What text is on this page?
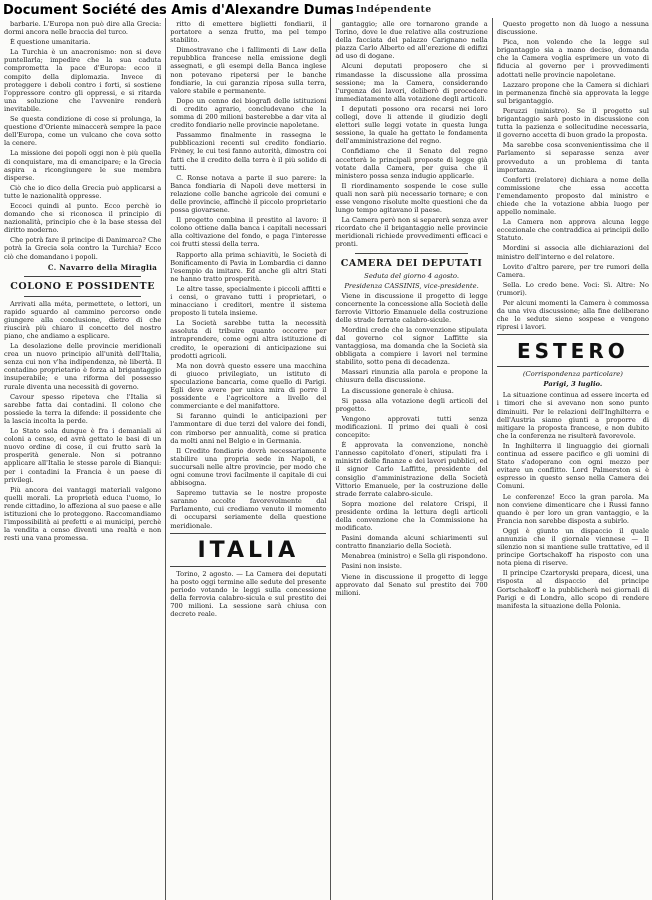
Document Société des Amis d'Alexandre Dumas Indépendente

barbarie. L'Europa non può dire alla Grecia: dormi ancora nelle braccia del turco.

È questione umanitaria.

La Turchia è un anacronismo: non si deve puntellarla; impedire che la sua caduta comprometta la pace d'Europa: ecco il compito della diplomazia. Invece di proteggere i deboli contro i forti, si sostiene l'oppressore contro gli oppressi, e si ritarda una soluzione che l'avvenire renderà inevitabile.

Se questa condizione di cose si prolunga, la questione d'Oriente minaccerà sempre la pace dell'Europa, come un vulcano che cova sotto la cenere.

La missione dei popoli oggi non è più quella di conquistare, ma di emancipare; e la Grecia aspira a ricongiungere le sue membra disperse.

Ciò che io dico della Grecia può applicarsi a tutte le nazionalità oppresse.

Eccoci quindi al punto. Ecco perchè io domando che si riconosca il principio di nazionalità, principio che è la base stessa del diritto moderno.

Che potrà fare il principe di Danimarca? Che potrà la Grecia sola contro la Turchia? Ecco ciò che domandano i popoli.

C. Navarro della Miraglia
COLONO E POSSIDENTE

Arrivati alla méta, permettete, o lettori, un rapido sguardo al cammino percorso onde giungere alla conclusione, dietro di che riuscirà più chiaro il concetto del nostro piano, che andiamo a esplicare.

La desolazione delle provincie meridionali crea un nuovo principio all'unità dell'Italia, senza cui non v'ha indipendenza, nè libertà. Il contadino proprietario è forza al brigantaggio insuperabile; e una riforma del possesso rurale diventa una necessità di governo.

Cavour spesso ripeteva che l'Italia si sarebbe fatta dai contadini. Il colono che possiede la terra la difende: il possidente che la lascia incolta la perde.

Lo Stato sola dunque è fra i demaniali ai coloni a censo, ed avrà gettato le basi di un nuovo ordine di cose, il cui frutto sarà la prosperità generale. Non si potranno applicare all'Italia le stesse parole di Bianqui: per i contadini la Francia è un paese di privilegi.

Più ancora dei vantaggi materiali valgono quelli morali. La proprietà educa l'uomo, lo rende cittadino, lo affeziona al suo paese e alle istituzioni che lo proteggono. Raccomandiamo l'impossibilità ai prefetti e ai municipi, perchè la vendita a censo diventi una realtà e non resti una vana promessa.

ritto di emettere biglietti fondiarii, il portatore a senza frutto, ma pel tempo stabilito.

Dimostravano che i fallimenti di Law della repubblica francese nella emissione degli assegnati, e gli esempi della Banca inglese non potevano ripetersi per le banche fondiarie, la cui garanzia riposa sulla terra, valore stabile e permanente.

Dopo un cenno dei biografi delle istituzioni di credito agrario, concludevano che la somma di 200 milioni basterebbe a dar vita al credito fondiario nelle provincie napoletane.

Passammo finalmente in rassegna le pubblicazioni recenti sul credito fondiario. Frèney, le cui tesi fanno autorità, dimostra coi fatti che il credito della terra è il più solido di tutti.

C. Ronse notava a parte il suo parere: la Banca fondiaria di Napoli deve mettersi in relazione colle banche agricole dei comuni e delle provincie, affinchè il piccolo proprietario possa giovarsene.

Il progetto combina il prestito al lavoro: il colono ottiene dalla banca i capitali necessari alla coltivazione del fondo, e paga l'interesse coi frutti stessi della terra.

Rapporto alla prima schiavitù, le Società di Bonificamento di Pavia in Lombardia ci danno l'esempio da imitare. Ed anche gli altri Stati ne hanno tratto prosperità.

Le altre tasse, specialmente i piccoli affitti e i censi, o gravano tutti i proprietari, o minacciano i creditori, mentre il sistema proposto li tutela insieme.

La Società sarebbe tutta la necessità assoluta di tribuire quanto occorre per intraprendere, come ogni altra istituzione di credito, le operazioni di anticipazione sui prodotti agricoli.

Ma non dovrà questo essere una macchina di giuoco privilegiato, un istituto di speculazione bancaria, come quello di Parigi. Egli deve avere per unica mira di porre il possidente e l'agricoltore a livello del commerciante e del manifattore.

Si faranno quindi le anticipazioni per l'ammontare di due terzi del valore dei fondi, con rimborso per annualità, come si pratica da molti anni nel Belgio e in Germania.

Il Credito fondiario dovrà necessariamente stabilire una propria sede in Napoli, e succursali nelle altre provincie, per modo che ogni comune trovi facilmente il capitale di cui abbisogna.

Sapremo tuttavia se le nostre proposte saranno accolte favorevolmente dal Parlamento, cui crediamo venuto il momento di occuparsi seriamente della questione meridionale.

ITALIA

Torino, 2 agosto. — La Camera dei deputati ha posto oggi termine alle sedute del presente periodo votando le leggi sulla concessione della ferrovia calabro-sicula e sul prestito dei 700 milioni. La sessione sarà chiusa con decreto reale.

gantaggio; alle ore tornarono grande a Torino, dove le due relative alla costruzione della facciata del palazzo Carignano nella piazza Carlo Alberto ed all'erezione di edifizi ad uso di dogane.

Alcuni deputati proposero che si rimandasse la discussione alla prossima sessione; ma la Camera, considerando l'urgenza dei lavori, deliberò di procedere immediatamente alla votazione degli articoli.

I deputati possono ora recarsi nei loro collegi, dove li attende il giudizio degli elettori sulle leggi votate in questa lunga sessione, la quale ha gettato le fondamenta dell'amministrazione del regno.

Confidiamo che il Senato del regno accetterà le principali proposte di legge già votate dalla Camera, per guisa che il ministero possa senza indugio applicarle.

Il riordinamento sospende le cose sulle quali non sarà più necessario tornare; e con esse vengono risolute molte questioni che da lungo tempo agitavano il paese.

La Camera però non si separerà senza aver ricordato che il brigantaggio nelle provincie meridionali richiede provvedimenti efficaci e pronti.

CAMERA DEI DEPUTATI
Seduta del giorno 4 agosto.
Presidenza CASSINIS, vice-presidente.

Viene in discussione il progetto di legge concernente la concessione alla Società delle ferrovie Vittorio Emanuele della costruzione delle strade ferrate calabro-sicule.

Mordini crede che la convenzione stipulata dal governo col signor Laffitte sia vantaggiosa, ma domanda che la Società sia obbligata a compiere i lavori nel termine stabilito, sotto pena di decadenza.

Massari rinunzia alla parola e propone la chiusura della discussione.

La discussione generale è chiusa.

Si passa alla votazione degli articoli del progetto.

Vengono approvati tutti senza modificazioni. Il primo dei quali è così concepito:

È approvata la convenzione, nonchè l'annesso capitolato d'oneri, stipulati fra i ministri delle finanze e dei lavori pubblici, ed il signor Carlo Laffitte, presidente del consiglio d'amministrazione della Società Vittorio Emanuele, per la costruzione delle strade ferrate calabro-sicule.

Sopra mozione del relatore Crispi, il presidente ordina la lettura degli articoli della convenzione che la Commissione ha modificato.

Pasini domanda alcuni schiarimenti sul contratto finanziario della Società.

Menabrea (ministro) e Sella gli rispondono.

Pasini non insiste.

Viene in discussione il progetto di legge approvato dal Senato sul prestito dei 700 milioni.

Questo progetto non dà luogo a nessuna discussione.

Pica, non volendo che la legge sul brigantaggio sia a mano deciso, domanda che la Camera voglia esprimere un voto di fiducia al governo per i provvedimenti adottati nelle provincie napoletane.

Lazzaro propone che la Camera si dichiari in permanenza finchè sia approvata la legge sul brigantaggio.

Peruzzi (ministro). Se il progetto sul brigantaggio sarà posto in discussione con tutta la pazienza e sollecitudine necessaria, il governo accetta di buon grado la proposta.

Ma sarebbe cosa sconvenientissima che il Parlamento si separasse senza aver provveduto a un problema di tanta importanza.

Conforti (relatore) dichiara a nome della commissione che essa accetta l'emendamento proposto dal ministro e chiede che la votazione abbia luogo per appello nominale.

La Camera non approva alcuna legge eccezionale che contraddica ai principii dello Statuto.

Mordini si associa alle dichiarazioni del ministro dell'interno e del relatore.

Lovito d'altro parere, per tre rumori della Camera.

Sella. Lo credo bene. Voci: Sì. Altre: No (rumori).

Per alcuni momenti la Camera è commossa da una viva discussione; alla fine deliberano che le sedute sieno sospese e vengono ripresi i lavori.

ESTERO
(Corrispondenza particolare)
Parigi, 3 luglio.

La situazione continua ad essere incerta ed i timori che si avevano non sono punto diminuiti. Per le relazioni dell'Inghilterra e dell'Austria siamo giunti a proporre di mitigare la proposta francese, e non dubito che la conferenza ne risulterà favorevole.

In Inghilterra il linguaggio dei giornali continua ad essere pacifico e gli uomini di Stato s'adoperano con ogni mezzo per evitare un conflitto. Lord Palmerston si è espresso in questo senso nella Camera dei Comuni.

Le conferenze! Ecco la gran parola. Ma non conviene dimenticare che i Russi fanno quando è per loro un gran vantaggio, e la Francia non sarebbe disposta a subirlo.

Oggi è giunto un dispaccio il quale annunzia che il giornale viennese — Il silenzio non si mantiene sulle trattative, ed il principe Gortschakoff ha risposto con una nota piena di riserve.

Il principe Czartoryski prepara, dicesi, una risposta al dispaccio del principe Gortschakoff e la pubblicherà nei giornali di Parigi e di Londra, allo scopo di rendere manifesta la situazione della Polonia.
